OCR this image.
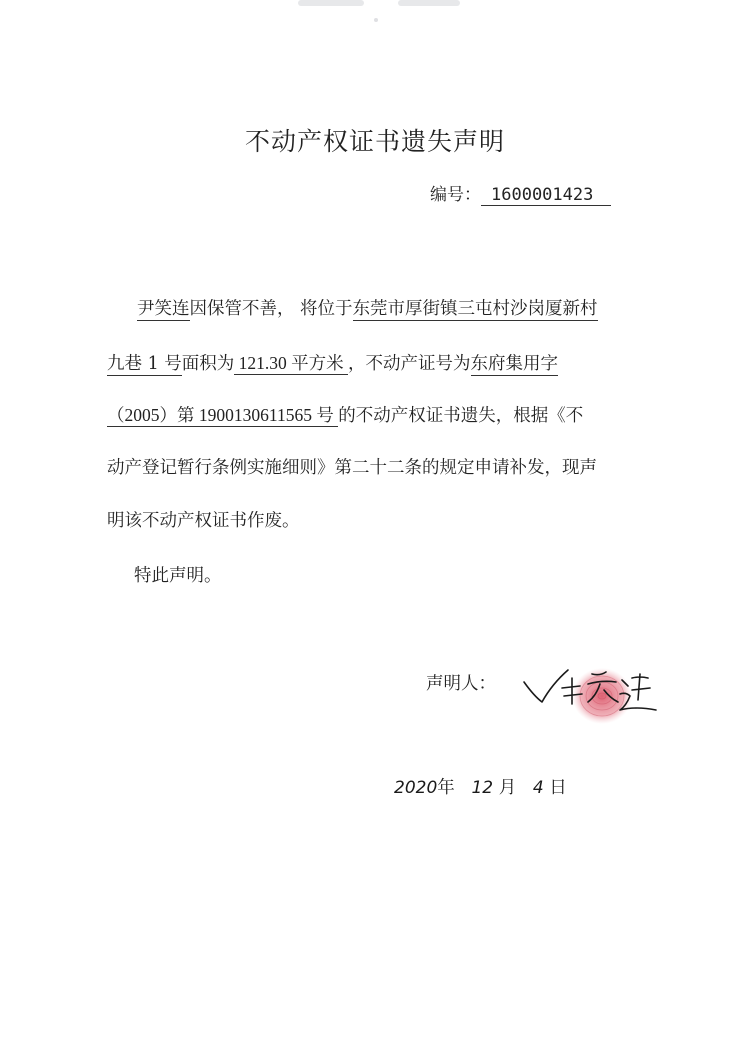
不动产权证书遗失声明
编号： 1600001423
尹笑连因保管不善， 将位于东莞市厚街镇三屯村沙岗厦新村
九巷 1 号面积为 121.30 平方米 ，不动产证号为东府集用字
（2005）第 1900130611565 号 的不动产权证书遗失，根据《不
动产登记暂行条例实施细则》第二十二条的规定申请补发，现声
明该不动产权证书作废。
特此声明。
声明人：
2020年 12 月 4 日
